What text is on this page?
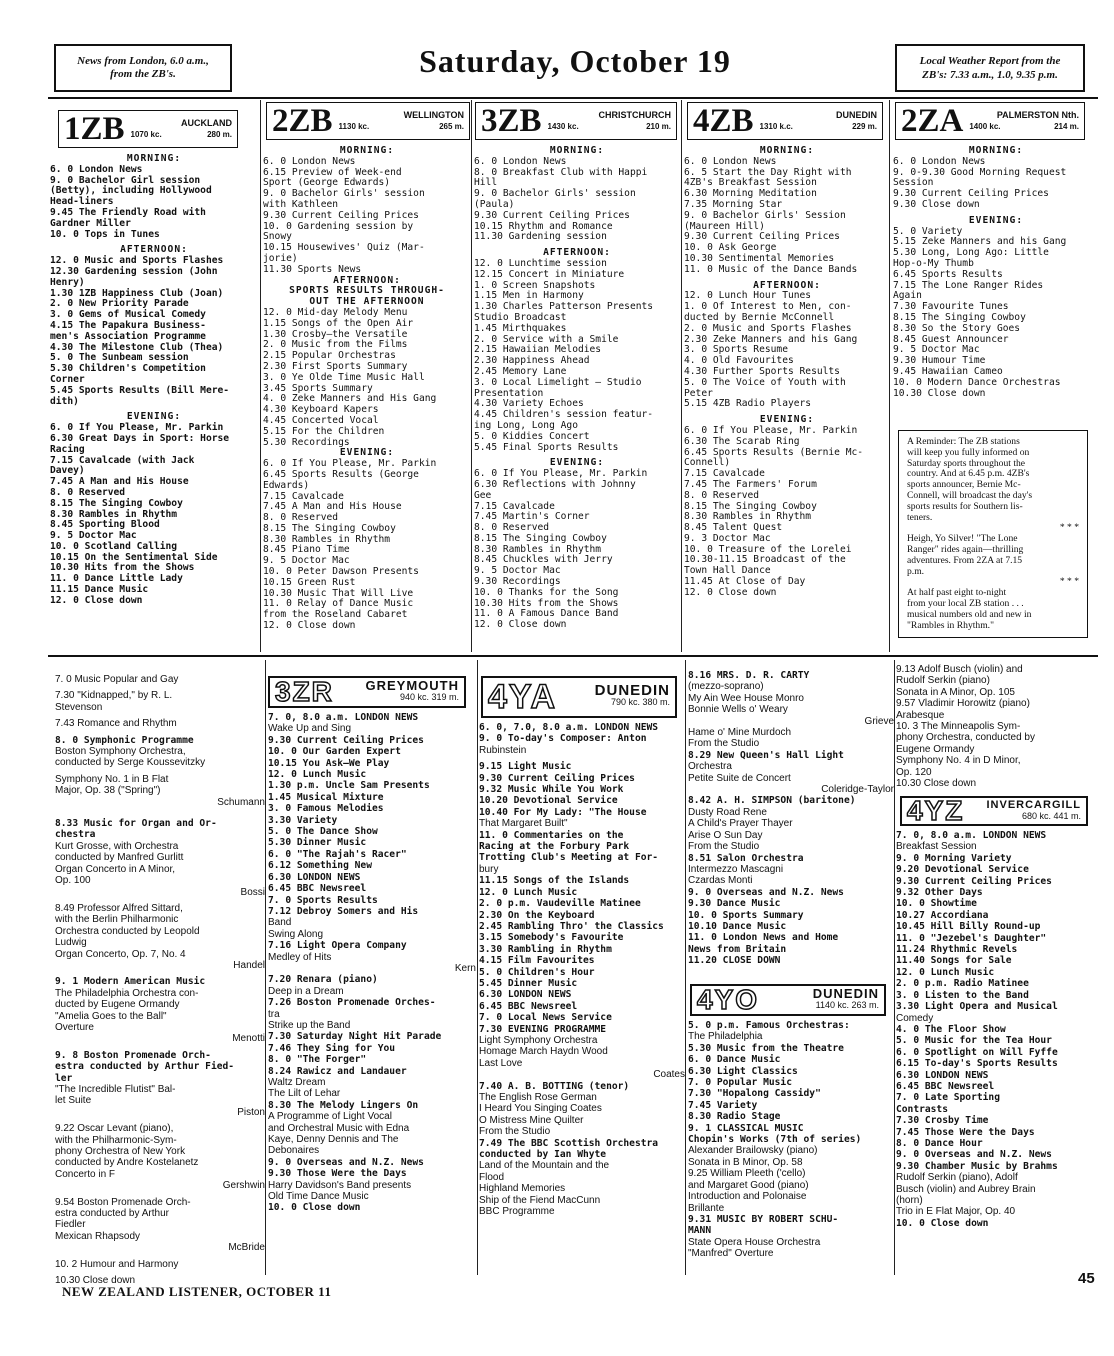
News from London, 6.0 a.m., from the ZB's.	Saturday, October 19	Local Weather Report from the ZB's: 7.33 a.m., 1.0, 9.35 p.m.
1ZB	AUCKLAND
1070 kc.	280 m. 2ZB	WELLINGTON
1130 kc.	265 m. 3ZB	CHRISTCHURCH
1430 kc.	210 m. 4ZB	DUNEDIN
1310 k.c.	229 m. 2ZA	PALMERSTON Nth.
1400 kc.	214 m.
MORNING:
6. 0 London News
9. 0 Bachelor Girl session
(Betty), including Hollywood
Head-liners
9.45 The Friendly Road with
Gardner Miller
10. 0 Tops in Tunes
AFTERNOON:
12. 0 Music and Sports Flashes
12.30 Gardening session (John
Henry)
1.30 1ZB Happiness Club (Joan)
2. 0 New Priority Parade
3. 0 Gems of Musical Comedy
4.15 The Papakura Business-
men's Association Programme
4.30 The Milestone Club (Thea)
5. 0 The Sunbeam session
5.30 Children's Competition
Corner
5.45 Sports Results (Bill Mere-
dith)
EVENING:
6. 0 If You Please, Mr. Parkin
6.30 Great Days in Sport: Horse
Racing
7.15 Cavalcade (with Jack
Davey)
7.45 A Man and His House
8. 0 Reserved
8.15 The Singing Cowboy
8.30 Rambles in Rhythm
8.45 Sporting Blood
9. 5 Doctor Mac
10. 0 Scotland Calling
10.15 On the Sentimental Side
10.30 Hits from the Shows
11. 0 Dance Little Lady
11.15 Dance Music
12. 0 Close down
MORNING:
6. 0 London News
6.15 Preview of Week-end
Sport (George Edwards)
9. 0 Bachelor Girls' session
with Kathleen
9.30 Current Ceiling Prices
10. 0 Gardening session by
Snowy
10.15 Housewives' Quiz (Mar-
jorie)
11.30 Sports News
AFTERNOON:
SPORTS RESULTS THROUGH-
OUT THE AFTERNOON
12. 0 Mid-day Melody Menu
1.15 Songs of the Open Air
1.30 Crosby—the Versatile
2. 0 Music from the Films
2.15 Popular Orchestras
2.30 First Sports Summary
3. 0 Ye Olde Time Music Hall
3.45 Sports Summary
4. 0 Zeke Manners and His Gang
4.30 Keyboard Kapers
4.45 Concerted Vocal
5.15 For the Children
5.30 Recordings
EVENING:
6. 0 If You Please, Mr. Parkin
6.45 Sports Results (George
Edwards)
7.15 Cavalcade
7.45 A Man and His House
8. 0 Reserved
8.15 The Singing Cowboy
8.30 Rambles in Rhythm
8.45 Piano Time
9. 5 Doctor Mac
10. 0 Peter Dawson Presents
10.15 Green Rust
10.30 Music That Will Live
11. 0 Relay of Dance Music
from the Roseland Cabaret
12. 0 Close down
MORNING:
6. 0 London News
8. 0 Breakfast Club with Happi
Hill
9. 0 Bachelor Girls' session
(Paula)
9.30 Current Ceiling Prices
10.15 Rhythm and Romance
11.30 Gardening session
AFTERNOON:
12. 0 Lunchtime session
12.15 Concert in Miniature
1. 0 Screen Snapshots
1.15 Men in Harmony
1.30 Charles Patterson Presents
Studio Broadcast
1.45 Mirthquakes
2. 0 Service with a Smile
2.15 Hawaiian Melodies
2.30 Happiness Ahead
2.45 Memory Lane
3. 0 Local Limelight — Studio
Presentation
4.30 Variety Echoes
4.45 Children's session featur-
ing Long, Long Ago
5. 0 Kiddies Concert
5.45 Final Sports Results
EVENING:
6. 0 If You Please, Mr. Parkin
6.30 Reflections with Johnny
Gee
7.15 Cavalcade
7.45 Martin's Corner
8. 0 Reserved
8.15 The Singing Cowboy
8.30 Rambles in Rhythm
8.45 Chuckles with Jerry
9. 5 Doctor Mac
9.30 Recordings
10. 0 Thanks for the Song
10.30 Hits from the Shows
11. 0 A Famous Dance Band
12. 0 Close down
MORNING:
6. 0 London News
6. 5 Start the Day Right with
4ZB's Breakfast Session
6.30 Morning Meditation
7.35 Morning Star
9. 0 Bachelor Girls' Session
(Maureen Hill)
9.30 Current Ceiling Prices
10. 0 Ask George
10.30 Sentimental Memories
11. 0 Music of the Dance Bands
AFTERNOON:
12. 0 Lunch Hour Tunes
1. 0 Of Interest to Men, con-
ducted by Bernie McConnell
2. 0 Music and Sports Flashes
2.30 Zeke Manners and his Gang
3. 0 Sports Resume
4. 0 Old Favourites
4.30 Further Sports Results
5. 0 The Voice of Youth with
Peter
5.15 4ZB Radio Players
EVENING:
6. 0 If You Please, Mr. Parkin
6.30 The Scarab Ring
6.45 Sports Results (Bernie Mc-
Connell)
7.15 Cavalcade
7.45 The Farmers' Forum
8. 0 Reserved
8.15 The Singing Cowboy
8.30 Rambles in Rhythm
8.45 Talent Quest
9. 3 Doctor Mac
10. 0 Treasure of the Lorelei
10.30-11.15 Broadcast of the
Town Hall Dance
11.45 At Close of Day
12. 0 Close down
MORNING:
6. 0 London News
9. 0-9.30 Good Morning Request
Session
9.30 Current Ceiling Prices
9.30 Close down
EVENING:
5. 0 Variety
5.15 Zeke Manners and his Gang
5.30 Long, Long Ago: Little
Hop-o-My Thumb
6.45 Sports Results
7.15 The Lone Ranger Rides
Again
7.30 Favourite Tunes
8.15 The Singing Cowboy
8.30 So the Story Goes
8.45 Guest Announcer
9. 5 Doctor Mac
9.30 Humour Time
9.45 Hawaiian Cameo
10. 0 Modern Dance Orchestras
10.30 Close down
A Reminder: The ZB stations
will keep you fully informed on
Saturday sports throughout the
country. And at 6.45 p.m. 4ZB's
sports announcer, Bernie Mc-
Connell, will broadcast the day's
sports results for Southern lis-
teners.
* * *
Heigh, Yo Silver! "The Lone
Ranger" rides again—thrilling
adventures. From 2ZA at 7.15
p.m.
* * *
At half past eight to-night
from your local ZB station . . .
musical numbers old and new in
"Rambles in Rhythm."
7. 0 Music Popular and Gay
7.30 "Kidnapped," by R. L.
Stevenson
7.43 Romance and Rhythm
8. 0 Symphonic Programme
Boston Symphony Orchestra,
conducted by Serge Koussevitzky
Symphony No. 1 in B Flat
Major, Op. 38 ("Spring")
Schumann
8.33 Music for Organ and Or-
chestra
Kurt Grosse, with Orchestra
conducted by Manfred Gurlitt
Organ Concerto in A Minor,
Op. 100
Bossi
8.49 Professor Alfred Sittard,
with the Berlin Philharmonic
Orchestra conducted by Leopold
Ludwig
Organ Concerto, Op. 7, No. 4
Handel
9. 1 Modern American Music
The Philadelphia Orchestra con-
ducted by Eugene Ormandy
"Amelia Goes to the Ball"
Overture
Menotti
9. 8 Boston Promenade Orch-
estra conducted by Arthur Fied-
ler
"The Incredible Flutist" Bal-
let Suite
Piston
9.22 Oscar Levant (piano),
with the Philharmonic-Sym-
phony Orchestra of New York
conducted by Andre Kostelanetz
Concerto in F
Gershwin
9.54 Boston Promenade Orch-
estra conducted by Arthur
Fiedler
Mexican Rhapsody
McBride
10. 2 Humour and Harmony
10.30 Close down
3ZR	GREYMOUTH
940 kc. 319 m.
7. 0, 8.0 a.m. LONDON NEWS
Wake Up and Sing
9.30 Current Ceiling Prices
10. 0 Our Garden Expert
10.15 You Ask—We Play
12. 0 Lunch Music
1.30 p.m. Uncle Sam Presents
1.45 Musical Mixture
3. 0 Famous Melodies
3.30 Variety
5. 0 The Dance Show
5.30 Dinner Music
6. 0 "The Rajah's Racer"
6.12 Something New
6.30 LONDON NEWS
6.45 BBC Newsreel
7. 0 Sports Results
7.12 Debroy Somers and His
Band
Swing Along
7.16 Light Opera Company
Medley of Hits
Kern
7.20 Renara (piano)
Deep in a Dream
7.26 Boston Promenade Orches-
tra
Strike up the Band
7.30 Saturday Night Hit Parade
7.46 They Sing for You
8. 0 "The Forger"
8.24 Rawicz and Landauer
Waltz Dream
The Lilt of Lehar
8.30 The Melody Lingers On
A Programme of Light Vocal
and Orchestral Music with Edna
Kaye, Denny Dennis and The
Debonaires
9. 0 Overseas and N.Z. News
9.30 Those Were the Days
Harry Davidson's Band presents
Old Time Dance Music
10. 0 Close down
4YA	DUNEDIN
790 kc. 380 m.
6. 0, 7.0, 8.0 a.m. LONDON NEWS
9. 0 To-day's Composer: Anton
Rubinstein
9.15 Light Music
9.30 Current Ceiling Prices
9.32 Music While You Work
10.20 Devotional Service
10.40 For My Lady: "The House
That Margaret Built"
11. 0 Commentaries on the
Racing at the Forbury Park
Trotting Club's Meeting at For-
bury
11.15 Songs of the Islands
12. 0 Lunch Music
2. 0 p.m. Vaudeville Matinee
2.30 On the Keyboard
2.45 Rambling Thro' the Classics
3.15 Somebody's Favourite
3.30 Rambling in Rhythm
4.15 Film Favourites
5. 0 Children's Hour
5.45 Dinner Music
6.30 LONDON NEWS
6.45 BBC Newsreel
7. 0 Local News Service
7.30 EVENING PROGRAMME
Light Symphony Orchestra
Homage March Haydn Wood
Last Love
Coates
7.40 A. B. BOTTING (tenor)
The English Rose German
I Heard You Singing Coates
O Mistress Mine Quilter
From the Studio
7.49 The BBC Scottish Orchestra
conducted by Ian Whyte
Land of the Mountain and the
Flood
Highland Memories
Ship of the Fiend MacCunn
BBC Programme
8.16 MRS. D. R. CARTY
(mezzo-soprano)
My Ain Wee House Monro
Bonnie Wells o' Weary
Grieve
Hame o' Mine Murdoch
From the Studio
8.29 New Queen's Hall Light
Orchestra
Petite Suite de Concert
Coleridge-Taylor
8.42 A. H. SIMPSON (baritone)
Dusty Road Rene
A Child's Prayer Thayer
Arise O Sun Day
From the Studio
8.51 Salon Orchestra
Intermezzo Mascagni
Czardas Monti
9. 0 Overseas and N.Z. News
9.30 Dance Music
10. 0 Sports Summary
10.10 Dance Music
11. 0 London News and Home
News from Britain
11.20 CLOSE DOWN
4YO	DUNEDIN
1140 kc. 263 m.
5. 0 p.m. Famous Orchestras:
The Philadelphia
5.30 Music from the Theatre
6. 0 Dance Music
6.30 Light Classics
7. 0 Popular Music
7.30 "Hopalong Cassidy"
7.45 Variety
8.30 Radio Stage
9. 1 CLASSICAL MUSIC
Chopin's Works (7th of series)
Alexander Brailowsky (piano)
Sonata in B Minor, Op. 58
9.25 William Pleeth ('cello)
and Margaret Good (piano)
Introduction and Polonaise
Brillante
9.31 MUSIC BY ROBERT SCHU-
MANN
State Opera House Orchestra
"Manfred" Overture
9.13 Adolf Busch (violin) and
Rudolf Serkin (piano)
Sonata in A Minor, Op. 105
9.57 Vladimir Horowitz (piano)
Arabesque
10. 3 The Minneapolis Sym-
phony Orchestra, conducted by
Eugene Ormandy
Symphony No. 4 in D Minor,
Op. 120
10.30 Close down
4YZ	INVERCARGILL
680 kc. 441 m.
7. 0, 8.0 a.m. LONDON NEWS
Breakfast Session
9. 0 Morning Variety
9.20 Devotional Service
9.30 Current Ceiling Prices
9.32 Other Days
10. 0 Showtime
10.27 Accordiana
10.45 Hill Billy Round-up
11. 0 "Jezebel's Daughter"
11.24 Rhythmic Revels
11.40 Songs for Sale
12. 0 Lunch Music
2. 0 p.m. Radio Matinee
3. 0 Listen to the Band
3.30 Light Opera and Musical
Comedy
4. 0 The Floor Show
5. 0 Music for the Tea Hour
6. 0 Spotlight on Will Fyffe
6.15 To-day's Sports Results
6.30 LONDON NEWS
6.45 BBC Newsreel
7. 0 Late Sporting
Contrasts
7.30 Crosby Time
7.45 Those Were the Days
8. 0 Dance Hour
9. 0 Overseas and N.Z. News
9.30 Chamber Music by Brahms
Rudolf Serkin (piano), Adolf
Busch (violin) and Aubrey Brain
(horn)
Trio in E Flat Major, Op. 40
10. 0 Close down
NEW ZEALAND LISTENER, OCTOBER 11
45
